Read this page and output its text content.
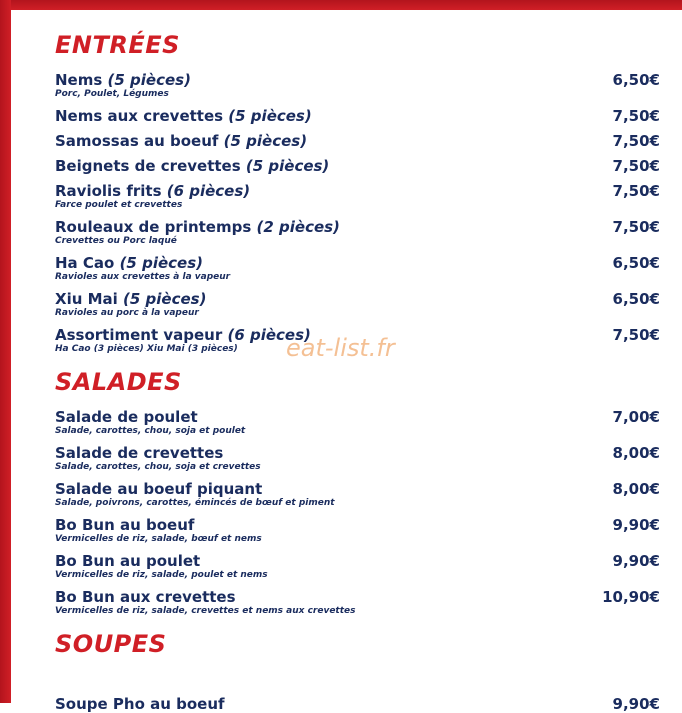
ENTRÉES
Nems (5 pièces)
Porc, Poulet, Légumes
6,50€
Nems aux crevettes (5 pièces)	7,50€
Samossas au boeuf (5 pièces)	7,50€
Beignets de crevettes (5 pièces)	7,50€
Raviolis frits (6 pièces)
Farce poulet et crevettes
7,50€
Rouleaux de printemps (2 pièces)
Crevettes ou Porc laqué
7,50€
Ha Cao (5 pièces)
Ravioles aux crevettes à la vapeur
6,50€
Xiu Mai (5 pièces)
Ravioles au porc à la vapeur
6,50€
Assortiment vapeur (6 pièces)
Ha Cao (3 pièces) Xiu Mai (3 pièces)
7,50€
SALADES
Salade de poulet
Salade, carottes, chou, soja et poulet
7,00€
Salade de crevettes
Salade, carottes, chou, soja et crevettes
8,00€
Salade au boeuf piquant
Salade, poivrons, carottes, émincés de bœuf et piment
8,00€
Bo Bun au boeuf
Vermicelles de riz, salade, bœuf et nems
9,90€
Bo Bun au poulet
Vermicelles de riz, salade, poulet et nems
9,90€
Bo Bun aux crevettes
Vermicelles de riz, salade, crevettes et nems aux crevettes
10,90€
SOUPES
Soupe Pho au boeuf	9,90€
eat-list.fr
